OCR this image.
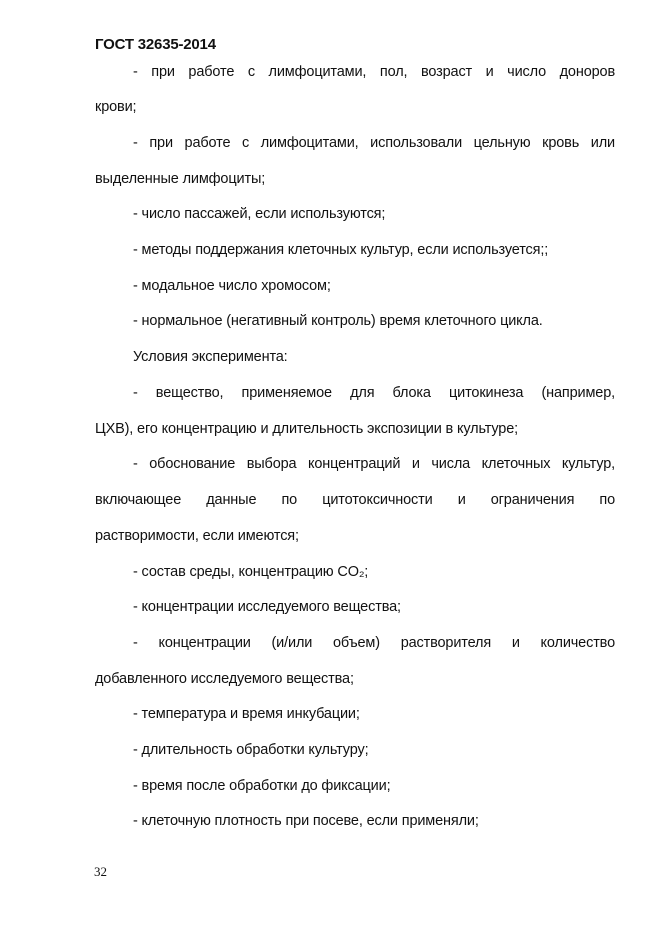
ГОСТ 32635-2014
- при работе с лимфоцитами, пол, возраст и число доноров
крови;
- при работе с лимфоцитами, использовали цельную кровь или
выделенные лимфоциты;
- число пассажей, если используются;
- методы поддержания клеточных культур, если используется;;
- модальное число хромосом;
- нормальное (негативный контроль) время клеточного цикла.
Условия эксперимента:
- вещество, применяемое для блока цитокинеза (например,
ЦХВ), его концентрацию и длительность экспозиции в культуре;
- обоснование выбора концентраций и числа клеточных культур,
включающее данные по цитотоксичности и ограничения по
растворимости, если имеются;
- состав среды, концентрацию CO₂;
- концентрации исследуемого вещества;
- концентрации (и/или объем) растворителя и количество
добавленного исследуемого вещества;
- температура и время инкубации;
- длительность обработки культуру;
- время после обработки до фиксации;
- клеточную плотность при посеве, если применяли;
32
